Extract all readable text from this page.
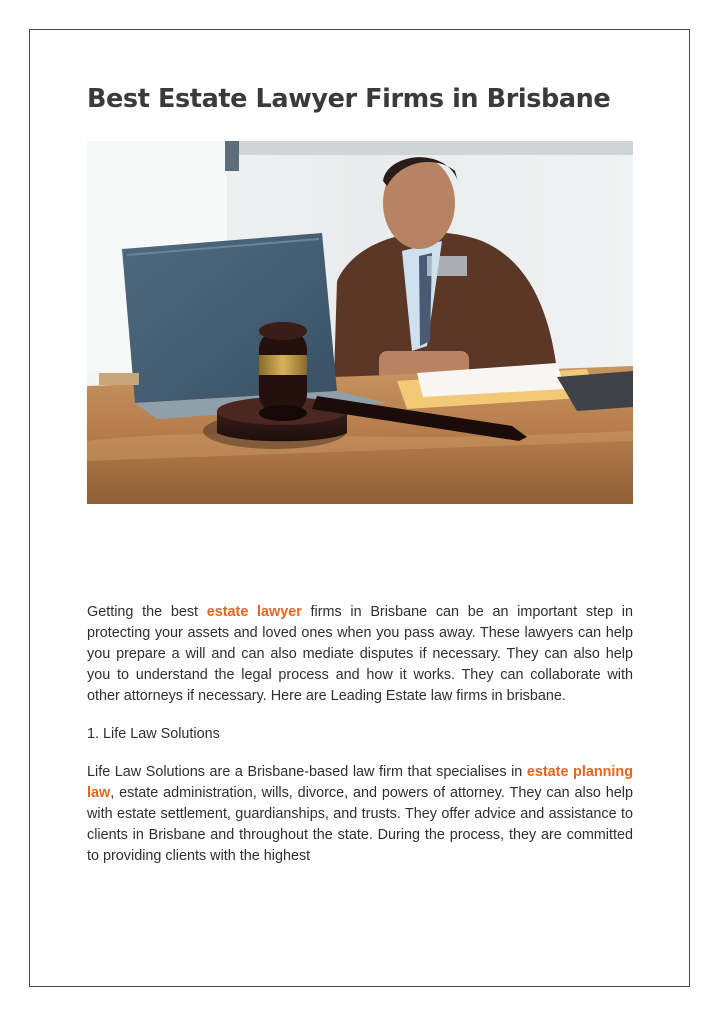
Best Estate Lawyer Firms in Brisbane

Getting the best estate lawyer firms in Brisbane can be an important step in protecting your assets and loved ones when you pass away. These lawyers can help you prepare a will and can also mediate disputes if necessary. They can also help you to understand the legal process and how it works. They can collaborate with other attorneys if necessary. Here are Leading Estate law firms in brisbane.

1. Life Law Solutions

Life Law Solutions are a Brisbane-based law firm that specialises in estate planning law, estate administration, wills, divorce, and powers of attorney. They can also help with estate settlement, guardianships, and trusts. They offer advice and assistance to clients in Brisbane and throughout the state. During the process, they are committed to providing clients with the highest
